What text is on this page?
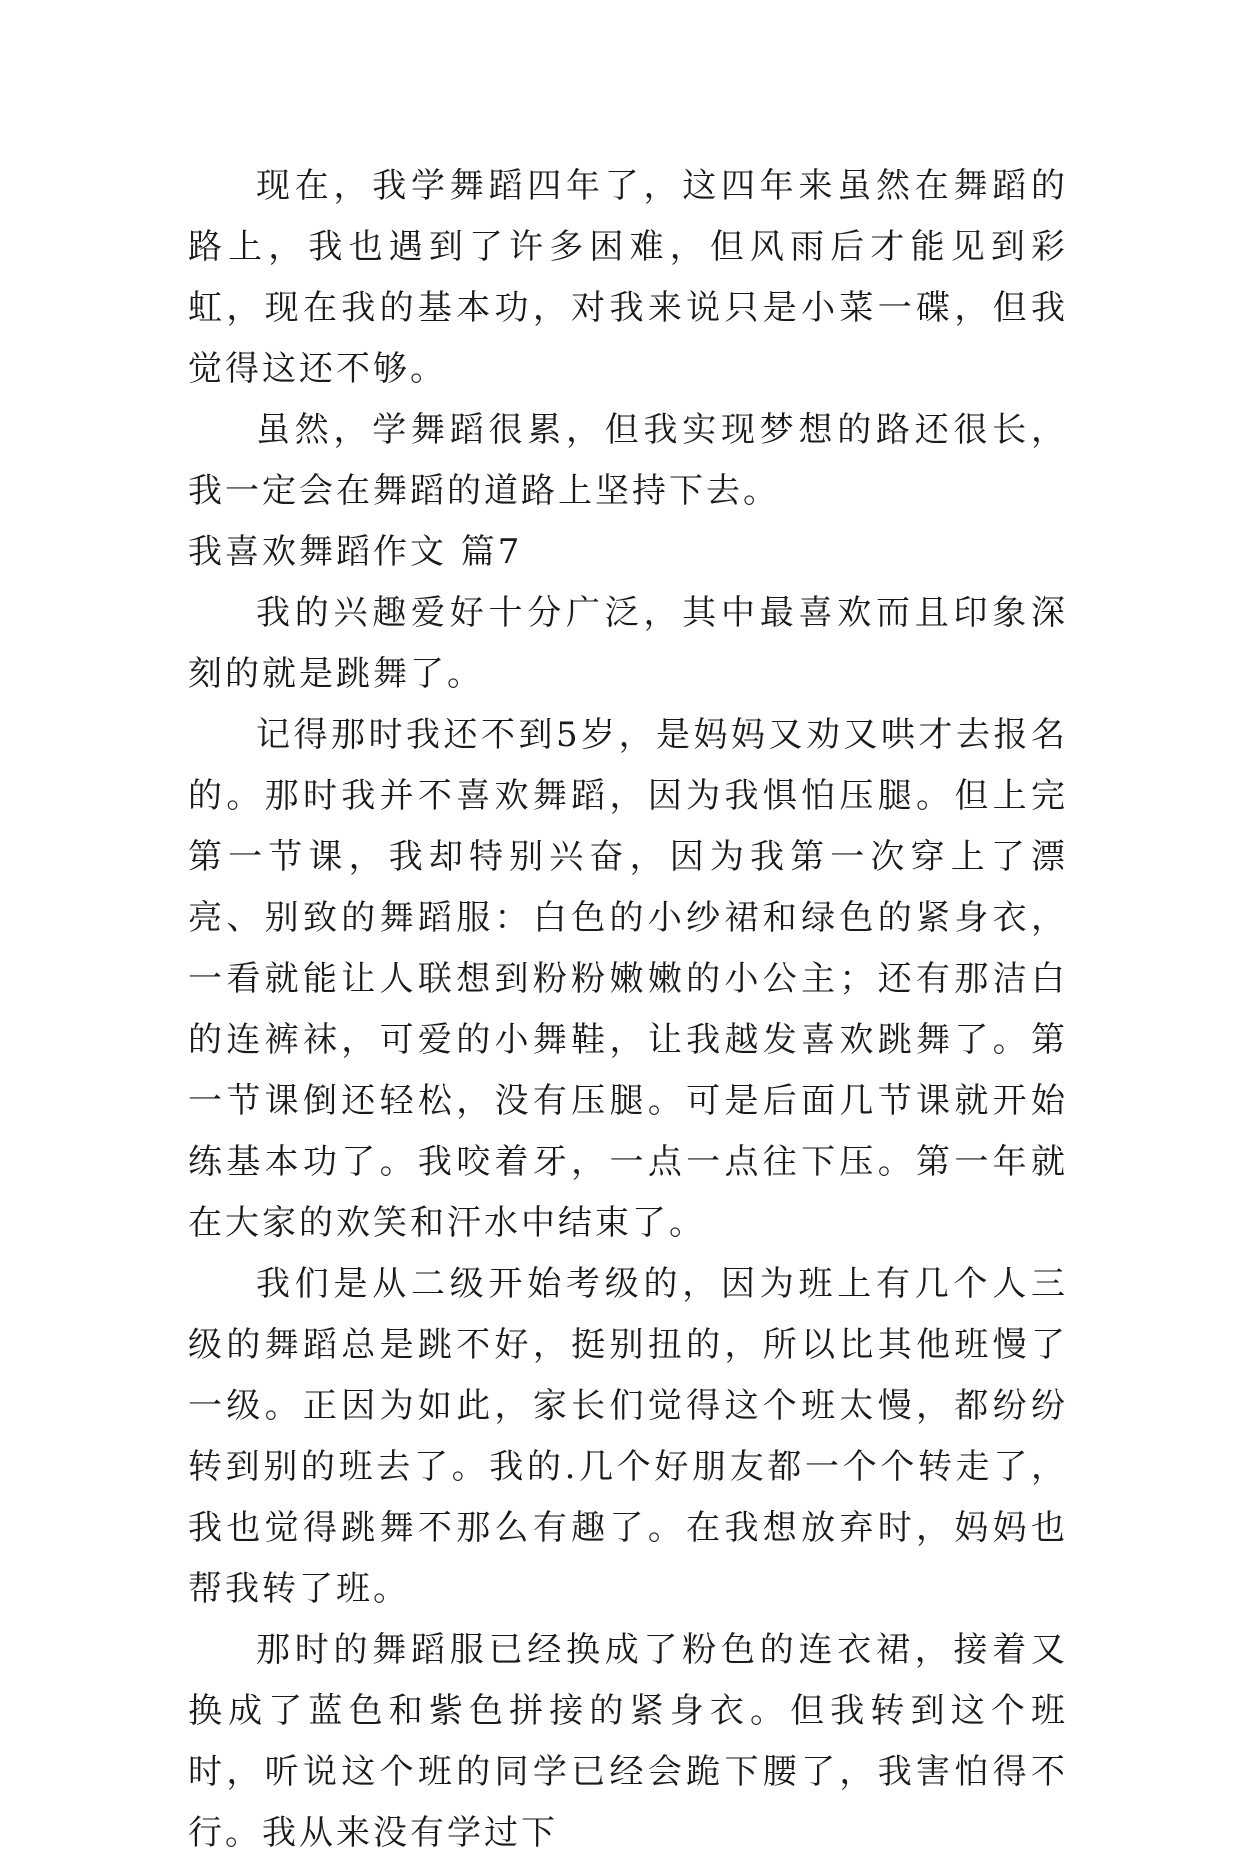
现在，我学舞蹈四年了，这四年来虽然在舞蹈的路上，我也遇到了许多困难，但风雨后才能见到彩虹，现在我的基本功，对我来说只是小菜一碟，但我觉得这还不够。

虽然，学舞蹈很累，但我实现梦想的路还很长，我一定会在舞蹈的道路上坚持下去。

我喜欢舞蹈作文 篇7

我的兴趣爱好十分广泛，其中最喜欢而且印象深刻的就是跳舞了。

记得那时我还不到5岁，是妈妈又劝又哄才去报名的。那时我并不喜欢舞蹈，因为我惧怕压腿。但上完第一节课，我却特别兴奋，因为我第一次穿上了漂亮、别致的舞蹈服：白色的小纱裙和绿色的紧身衣，一看就能让人联想到粉粉嫩嫩的小公主；还有那洁白的连裤袜，可爱的小舞鞋，让我越发喜欢跳舞了。第一节课倒还轻松，没有压腿。可是后面几节课就开始练基本功了。我咬着牙，一点一点往下压。第一年就在大家的欢笑和汗水中结束了。

我们是从二级开始考级的，因为班上有几个人三级的舞蹈总是跳不好，挺别扭的，所以比其他班慢了一级。正因为如此，家长们觉得这个班太慢，都纷纷转到别的班去了。我的.几个好朋友都一个个转走了，我也觉得跳舞不那么有趣了。在我想放弃时，妈妈也帮我转了班。

那时的舞蹈服已经换成了粉色的连衣裙，接着又换成了蓝色和紫色拼接的紧身衣。但我转到这个班时，听说这个班的同学已经会跪下腰了，我害怕得不行。我从来没有学过下
